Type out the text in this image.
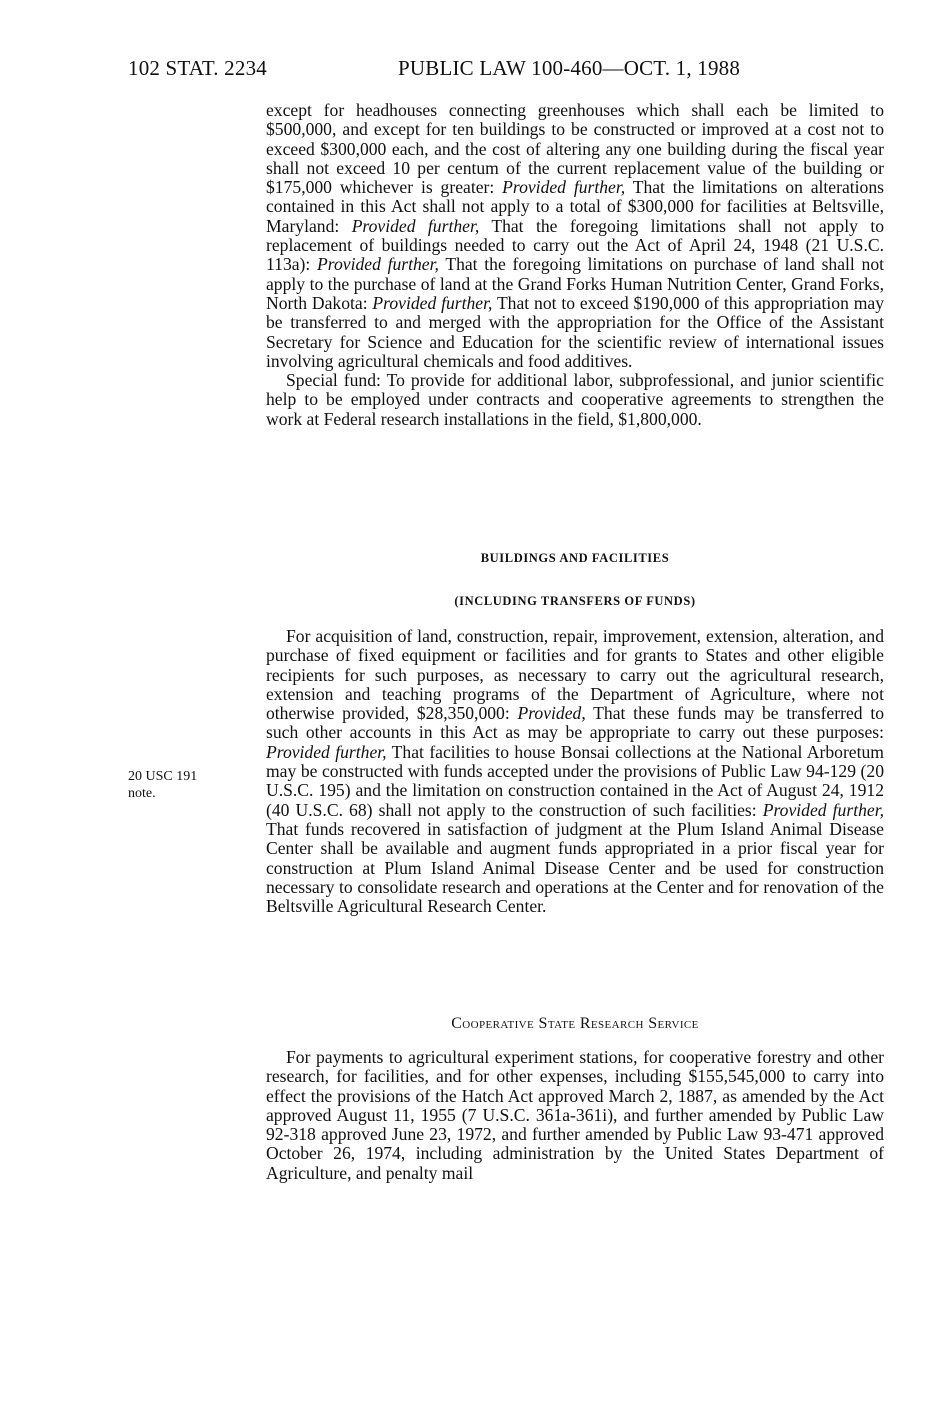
102 STAT. 2234	PUBLIC LAW 100-460—OCT. 1, 1988

except for headhouses connecting greenhouses which shall each be limited to $500,000, and except for ten buildings to be constructed or improved at a cost not to exceed $300,000 each, and the cost of altering any one building during the fiscal year shall not exceed 10 per centum of the current replacement value of the building or $175,000 whichever is greater: Provided further, That the limitations on alterations contained in this Act shall not apply to a total of $300,000 for facilities at Beltsville, Maryland: Provided further, That the foregoing limitations shall not apply to replacement of buildings needed to carry out the Act of April 24, 1948 (21 U.S.C. 113a): Provided further, That the foregoing limitations on purchase of land shall not apply to the purchase of land at the Grand Forks Human Nutrition Center, Grand Forks, North Dakota: Provided further, That not to exceed $190,000 of this appropriation may be transferred to and merged with the appropriation for the Office of the Assistant Secretary for Science and Education for the scientific review of international issues involving agricultural chemicals and food additives.

Special fund: To provide for additional labor, subprofessional, and junior scientific help to be employed under contracts and cooperative agreements to strengthen the work at Federal research installations in the field, $1,800,000.

BUILDINGS AND FACILITIES
(INCLUDING TRANSFERS OF FUNDS)

For acquisition of land, construction, repair, improvement, extension, alteration, and purchase of fixed equipment or facilities and for grants to States and other eligible recipients for such purposes, as necessary to carry out the agricultural research, extension and teaching programs of the Department of Agriculture, where not otherwise provided, $28,350,000: Provided, That these funds may be transferred to such other accounts in this Act as may be appropriate to carry out these purposes: Provided further, That facilities to house Bonsai collections at the National Arboretum may be constructed with funds accepted under the provisions of Public Law 94-129 (20 U.S.C. 195) and the limitation on construction contained in the Act of August 24, 1912 (40 U.S.C. 68) shall not apply to the construction of such facilities: Provided further, That funds recovered in satisfaction of judgment at the Plum Island Animal Disease Center shall be available and augment funds appropriated in a prior fiscal year for construction at Plum Island Animal Disease Center and be used for construction necessary to consolidate research and operations at the Center and for renovation of the Beltsville Agricultural Research Center.

20 USC 191
note.
Cooperative State Research Service

For payments to agricultural experiment stations, for cooperative forestry and other research, for facilities, and for other expenses, including $155,545,000 to carry into effect the provisions of the Hatch Act approved March 2, 1887, as amended by the Act approved August 11, 1955 (7 U.S.C. 361a-361i), and further amended by Public Law 92-318 approved June 23, 1972, and further amended by Public Law 93-471 approved October 26, 1974, including administration by the United States Department of Agriculture, and penalty mail
